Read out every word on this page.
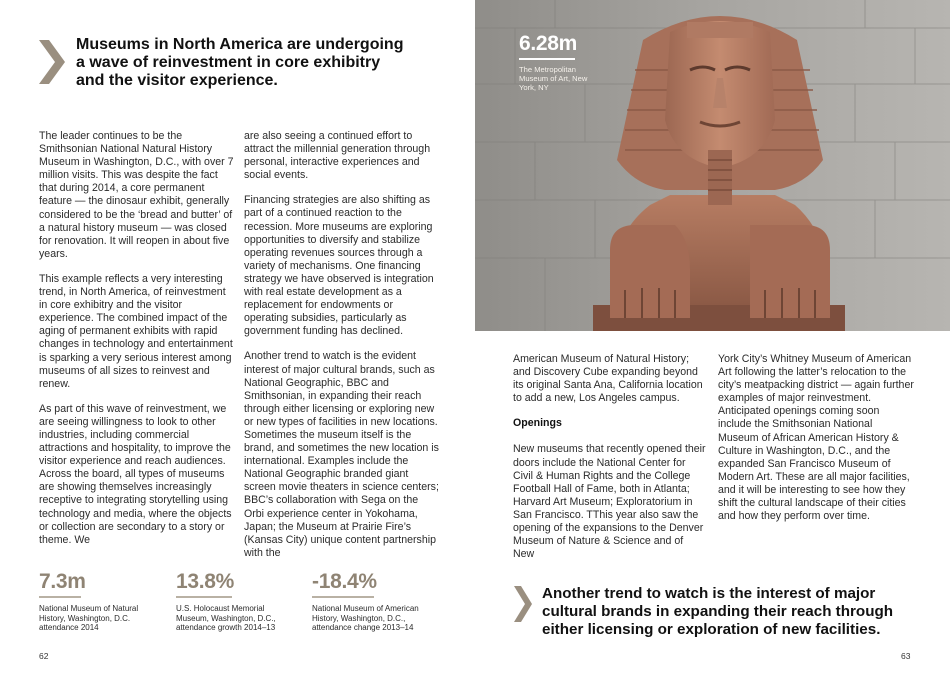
Museums in North America are undergoing a wave of reinvestment in core exhibitry and the visitor experience.

The leader continues to be the Smithsonian National Natural History Museum in Washington, D.C., with over 7 million visits. This was despite the fact that during 2014, a core permanent feature — the dinosaur exhibit, generally considered to be the ‘bread and butter’ of a natural history museum — was closed for renovation. It will reopen in about five years.

This example reflects a very interesting trend, in North America, of reinvestment in core exhibitry and the visitor experience. The combined impact of the aging of permanent exhibits with rapid changes in technology and entertainment is sparking a very serious interest among museums of all sizes to reinvest and renew.

As part of this wave of reinvestment, we are seeing willingness to look to other industries, including commercial attractions and hospitality, to improve the visitor experience and reach audiences. Across the board, all types of museums are showing themselves increasingly receptive to integrating storytelling using technology and media, where the objects or collection are secondary to a story or theme. We

are also seeing a continued effort to attract the millennial generation through personal, interactive experiences and social events.

Financing strategies are also shifting as part of a continued reaction to the recession. More museums are exploring opportunities to diversify and stabilize operating revenues sources through a variety of mechanisms. One financing strategy we have observed is integration with real estate development as a replacement for endowments or operating subsidies, particularly as government funding has declined.

Another trend to watch is the evident interest of major cultural brands, such as National Geographic, BBC and Smithsonian, in expanding their reach through either licensing or exploring new or new types of facilities in new locations. Sometimes the museum itself is the brand, and sometimes the new location is international. Examples include the National Geographic branded giant screen movie theaters in science centers; BBC’s collaboration with Sega on the Orbi experience center in Yokohama, Japan; the Museum at Prairie Fire’s (Kansas City) unique content partnership with the

7.3m
National Museum of Natural History, Washington, D.C. attendance 2014
13.8%
U.S. Holocaust Memorial Museum, Washington, D.C., attendance growth 2014–13
-18.4%
National Museum of American History, Washington, D.C., attendance change 2013–14
62
6.28m
The Metropolitan Museum of Art, New York, NY

American Museum of Natural History; and Discovery Cube expanding beyond its original Santa Ana, California location to add a new, Los Angeles campus.

Openings

New museums that recently opened their doors include the National Center for Civil & Human Rights and the College Football Hall of Fame, both in Atlanta; Harvard Art Museum; Exploratorium in San Francisco. TThis year also saw the opening of the expansions to the Denver Museum of Nature & Science and of New

York City’s Whitney Museum of American Art following the latter’s relocation to the city’s meatpacking district — again further examples of major reinvestment. Anticipated openings coming soon include the Smithsonian National Museum of African American History & Culture in Washington, D.C., and the expanded San Francisco Museum of Modern Art. These are all major facilities, and it will be interesting to see how they shift the cultural landscape of their cities and how they perform over time.

Another trend to watch is the interest of major cultural brands in expanding their reach through either licensing or exploration of new facilities.
63
